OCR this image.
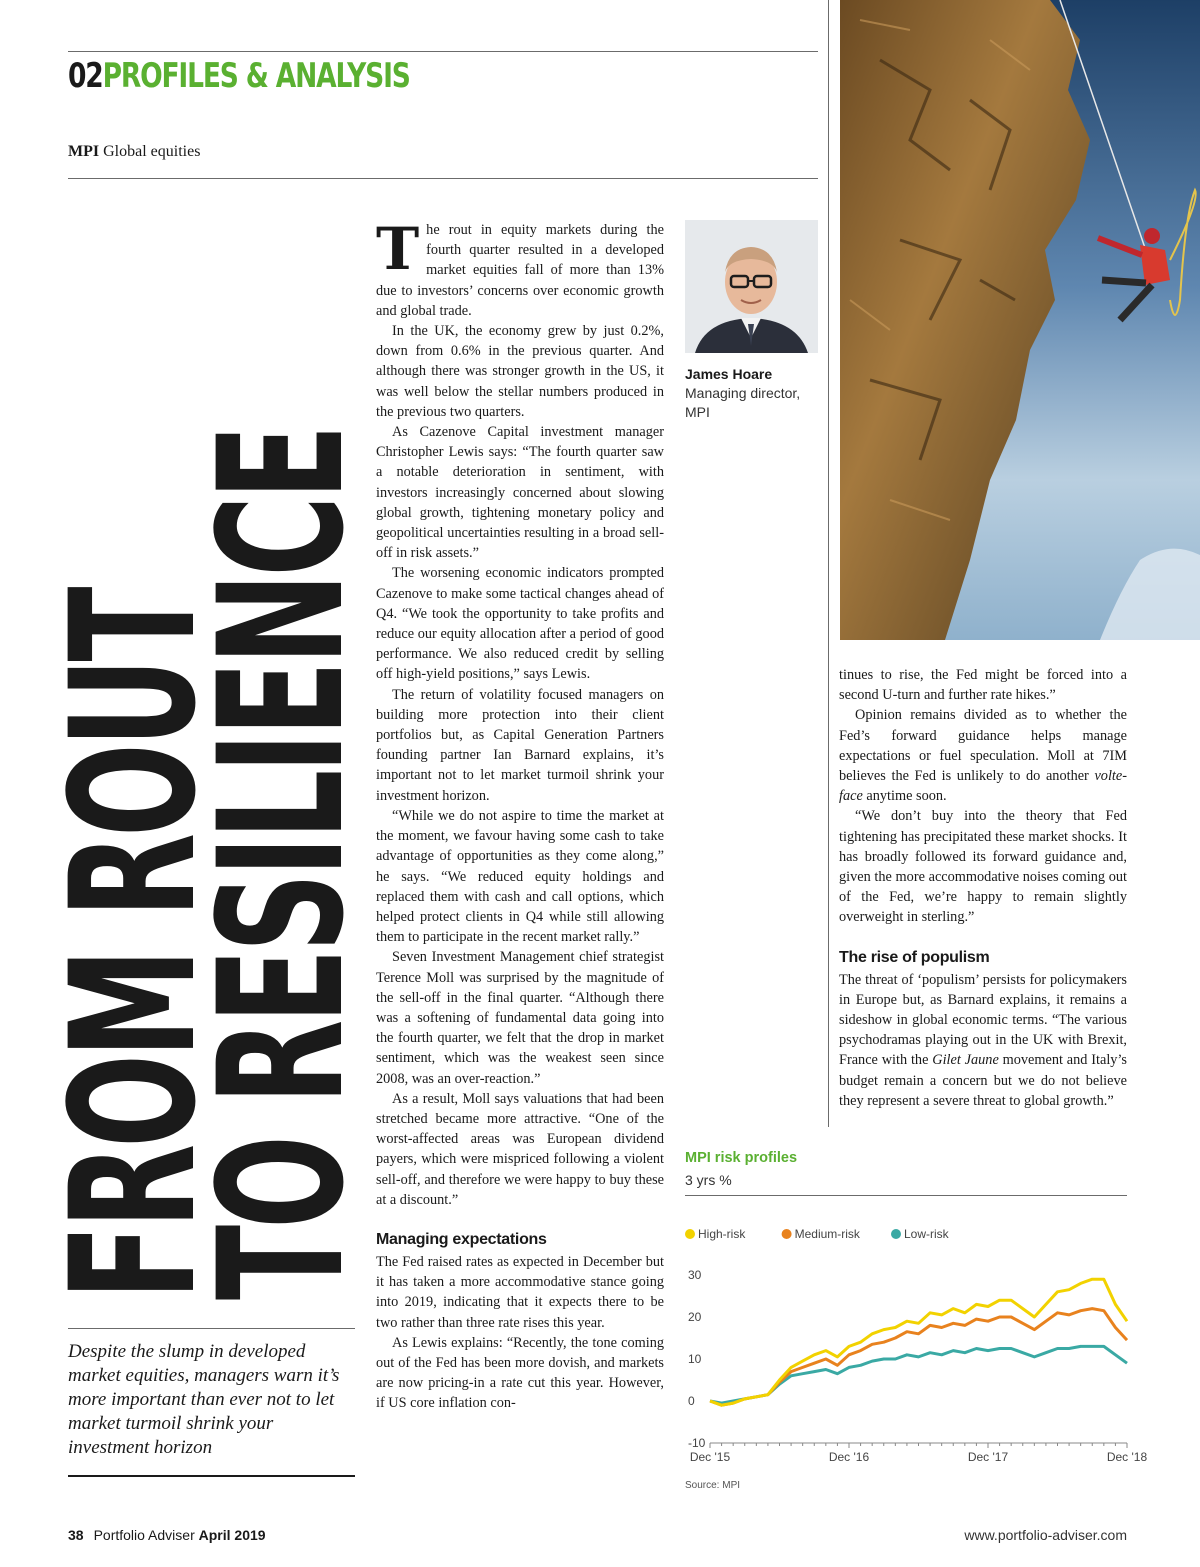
02PROFILES & ANALYSIS
MPI Global equities
FROM ROUT
TO RESILIENCE
Despite the slump in developed market equities, managers warn it’s more important than ever not to let market turmoil shrink your investment horizon

The rout in equity markets during the fourth quarter resulted in a developed market equities fall of more than 13% due to investors’ concerns over economic growth and global trade.

In the UK, the economy grew by just 0.2%, down from 0.6% in the previous quarter. And although there was stronger growth in the US, it was well below the stellar numbers produced in the previous two quarters.

As Cazenove Capital investment manager Christopher Lewis says: “The fourth quarter saw a notable deterioration in sentiment, with investors increasingly concerned about slowing global growth, tightening monetary policy and geopolitical uncertainties resulting in a broad sell-off in risk assets.”

The worsening economic indicators prompted Cazenove to make some tactical changes ahead of Q4. “We took the opportunity to take profits and reduce our equity allocation after a period of good performance. We also reduced credit by selling off high-yield positions,” says Lewis.

The return of volatility focused managers on building more protection into their client portfolios but, as Capital Generation Partners founding partner Ian Barnard explains, it’s important not to let market turmoil shrink your investment horizon.

“While we do not aspire to time the market at the moment, we favour having some cash to take advantage of opportunities as they come along,” he says. “We reduced equity holdings and replaced them with cash and call options, which helped protect clients in Q4 while still allowing them to participate in the recent market rally.”

Seven Investment Management chief strategist Terence Moll was surprised by the magnitude of the sell-off in the final quarter. “Although there was a softening of fundamental data going into the fourth quarter, we felt that the drop in market sentiment, which was the weakest seen since 2008, was an over-reaction.”

As a result, Moll says valuations that had been stretched became more attractive. “One of the worst-affected areas was European dividend payers, which were mispriced following a violent sell-off, and therefore we were happy to buy these at a discount.”

Managing expectations

The Fed raised rates as expected in December but it has taken a more accommodative stance going into 2019, indicating that it expects there to be two rather than three rate rises this year.

As Lewis explains: “Recently, the tone coming out of the Fed has been more dovish, and markets are now pricing-in a rate cut this year. However, if US core inflation con-

James Hoare
Managing director, MPI

tinues to rise, the Fed might be forced into a second U-turn and further rate hikes.”

Opinion remains divided as to whether the Fed’s forward guidance helps manage expectations or fuel speculation. Moll at 7IM believes the Fed is unlikely to do another volte-face anytime soon.

“We don’t buy into the theory that Fed tightening has precipitated these market shocks. It has broadly followed its forward guidance and, given the more accommodative noises coming out of the Fed, we’re happy to remain slightly overweight in sterling.”

The rise of populism

The threat of ‘populism’ persists for policymakers in Europe but, as Barnard explains, it remains a sideshow in global economic terms. “The various psychodramas playing out in the UK with Brexit, France with the Gilet Jaune movement and Italy’s budget remain a concern but we do not believe they represent a severe threat to global growth.”

MPI risk profiles
3 yrs %
High-risk	Medium-risk	Low-risk
30
20
10
0
-10
Dec '15	Dec '16	Dec '17	Dec '18
Source: MPI
38 Portfolio Adviser April 2019	www.portfolio-adviser.com
